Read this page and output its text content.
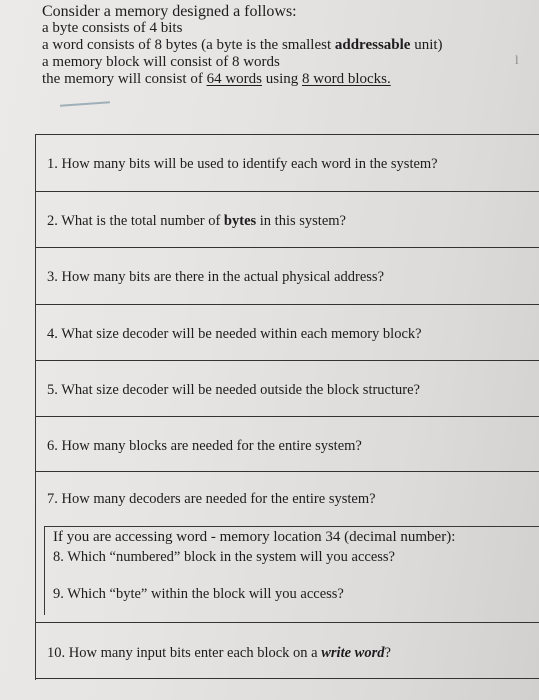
Consider a memory designed a follows:
a byte consists of 4 bits
a word consists of 8 bytes (a byte is the smallest addressable unit)
a memory block will consist of 8 words
the memory will consist of 64 words using 8 word blocks.
l
1. How many bits will be used to identify each word in the system?
2. What is the total number of bytes in this system?
3. How many bits are there in the actual physical address?
4. What size decoder will be needed within each memory block?
5. What size decoder will be needed outside the block structure?
6. How many blocks are needed for the entire system?
7. How many decoders are needed for the entire system?
If you are accessing word - memory location 34 (decimal number):
8. Which “numbered” block in the system will you access?
9. Which “byte” within the block will you access?
10. How many input bits enter each block on a write word?
